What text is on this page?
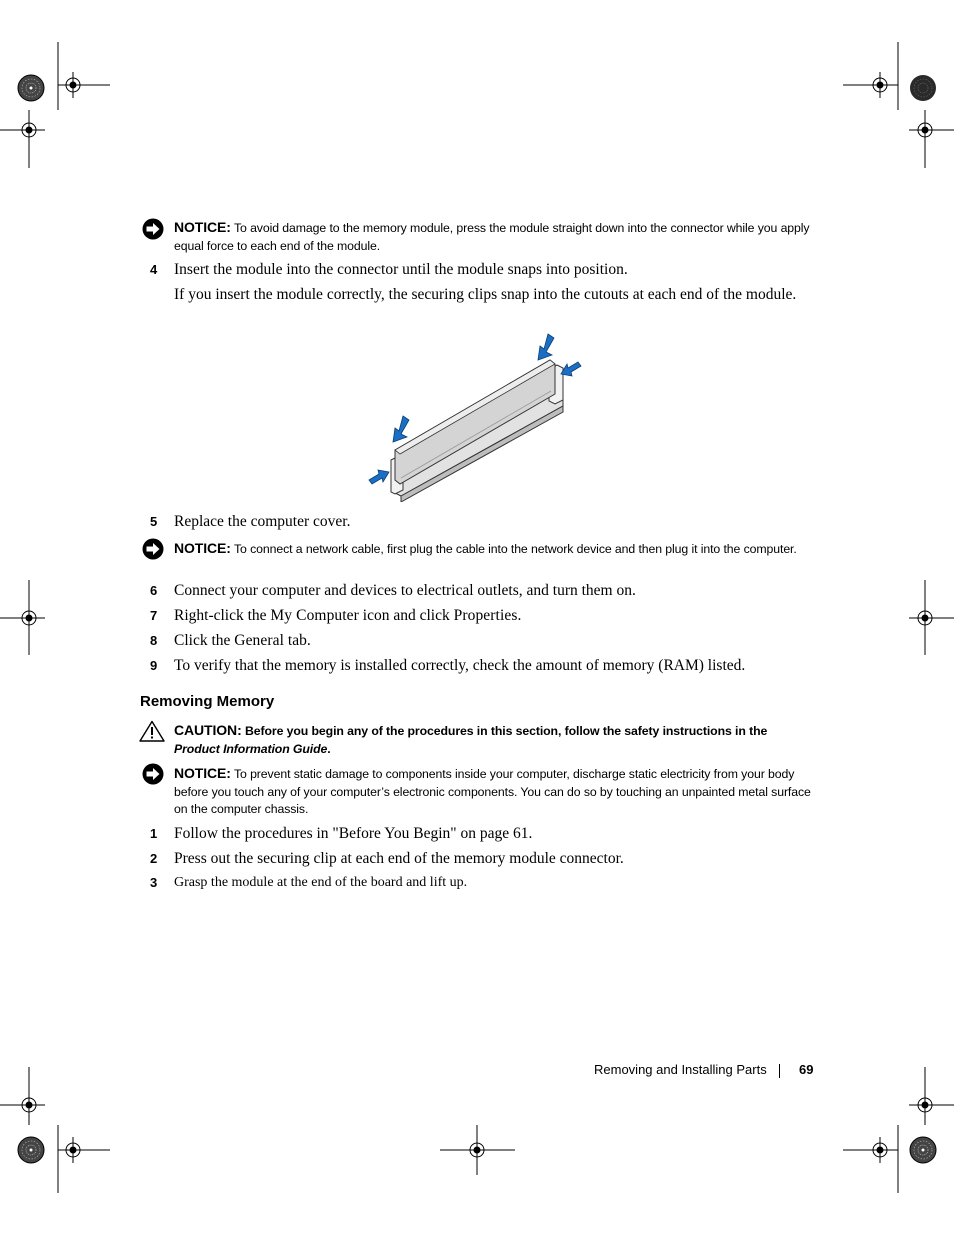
NOTICE: To avoid damage to the memory module, press the module straight down into the connector while you apply equal force to each end of the module.
4 Insert the module into the connector until the module snaps into position.
If you insert the module correctly, the securing clips snap into the cutouts at each end of the module.
5 Replace the computer cover.
NOTICE: To connect a network cable, first plug the cable into the network device and then plug it into the computer.
6 Connect your computer and devices to electrical outlets, and turn them on.
7 Right-click the My Computer icon and click Properties.
8 Click the General tab.
9 To verify that the memory is installed correctly, check the amount of memory (RAM) listed.
Removing Memory
CAUTION: Before you begin any of the procedures in this section, follow the safety instructions in the Product Information Guide.
NOTICE: To prevent static damage to components inside your computer, discharge static electricity from your body before you touch any of your computer’s electronic components. You can do so by touching an unpainted metal surface on the computer chassis.
1 Follow the procedures in "Before You Begin" on page 61.
2 Press out the securing clip at each end of the memory module connector.
3 Grasp the module at the end of the board and lift up.
Removing and Installing Parts 69
